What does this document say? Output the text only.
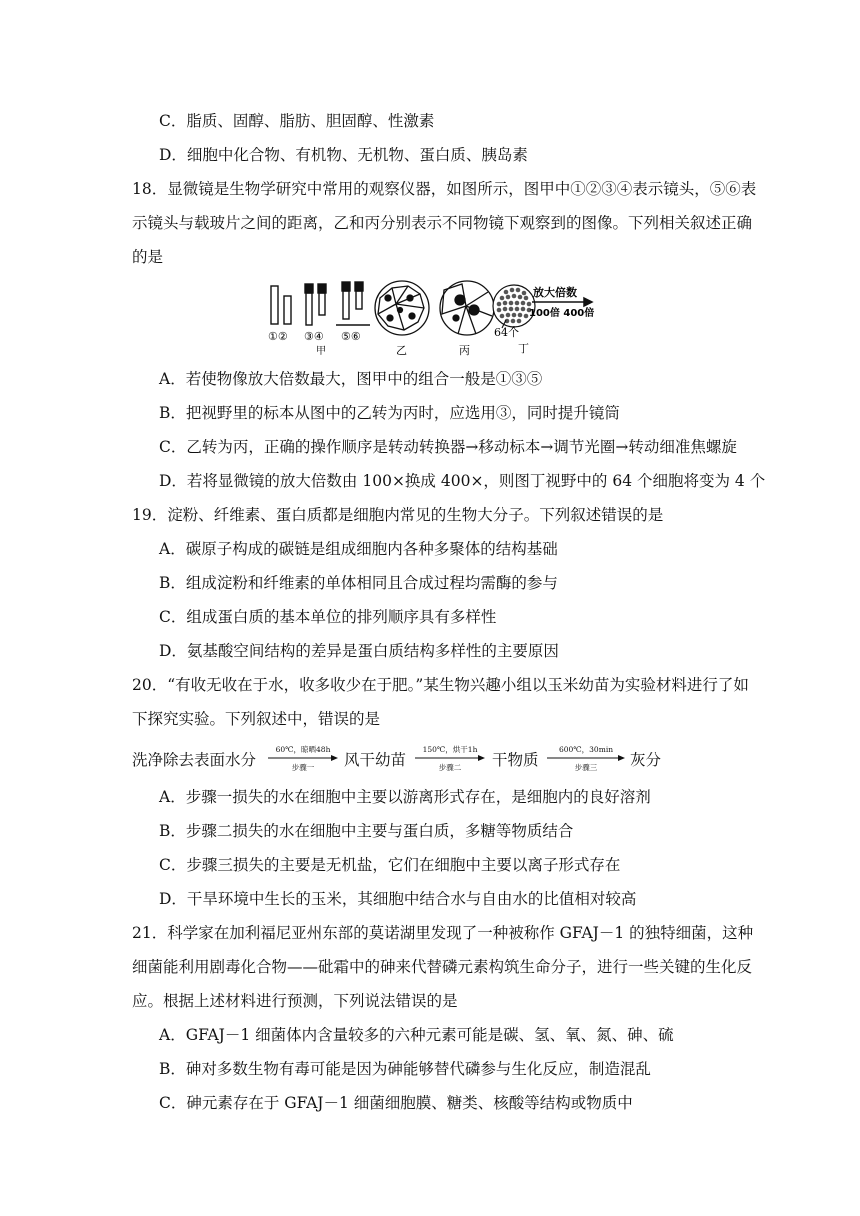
C．脂质、固醇、脂肪、胆固醇、性激素
D．细胞中化合物、有机物、无机物、蛋白质、胰岛素
18．显微镜是生物学研究中常用的观察仪器，如图所示，图甲中①②③④表示镜头，⑤⑥表
示镜头与载玻片之间的距离，乙和丙分别表示不同物镜下观察到的图像。下列相关叙述正确
的是
①② ③④ ⑤⑥
甲	乙	丙
64个
丁
放大倍数
100倍 400倍
A．若使物像放大倍数最大，图甲中的组合一般是①③⑤
B．把视野里的标本从图中的乙转为丙时，应选用③，同时提升镜筒
C．乙转为丙，正确的操作顺序是转动转换器→移动标本→调节光圈→转动细准焦螺旋
D．若将显微镜的放大倍数由 100×换成 400×，则图丁视野中的 64 个细胞将变为 4 个
19．淀粉、纤维素、蛋白质都是细胞内常见的生物大分子。下列叙述错误的是
A．碳原子构成的碳链是组成细胞内各种多聚体的结构基础
B．组成淀粉和纤维素的单体相同且合成过程均需酶的参与
C．组成蛋白质的基本单位的排列顺序具有多样性
D．氨基酸空间结构的差异是蛋白质结构多样性的主要原因
20．“有收无收在于水，收多收少在于肥。”某生物兴趣小组以玉米幼苗为实验材料进行了如
下探究实验。下列叙述中，错误的是
洗净除去表面水分
60℃，晾晒48h
步骤一	风干幼苗
150℃，烘干1h
步骤二	干物质
600℃，30min
步骤三	灰分
A．步骤一损失的水在细胞中主要以游离形式存在，是细胞内的良好溶剂
B．步骤二损失的水在细胞中主要与蛋白质，多糖等物质结合
C．步骤三损失的主要是无机盐，它们在细胞中主要以离子形式存在
D．干旱环境中生长的玉米，其细胞中结合水与自由水的比值相对较高
21．科学家在加利福尼亚州东部的莫诺湖里发现了一种被称作 GFAJ－1 的独特细菌，这种
细菌能利用剧毒化合物——砒霜中的砷来代替磷元素构筑生命分子，进行一些关键的生化反
应。根据上述材料进行预测，下列说法错误的是
A．GFAJ－1 细菌体内含量较多的六种元素可能是碳、氢、氧、氮、砷、硫
B．砷对多数生物有毒可能是因为砷能够替代磷参与生化反应，制造混乱
C．砷元素存在于 GFAJ－1 细菌细胞膜、糖类、核酸等结构或物质中
